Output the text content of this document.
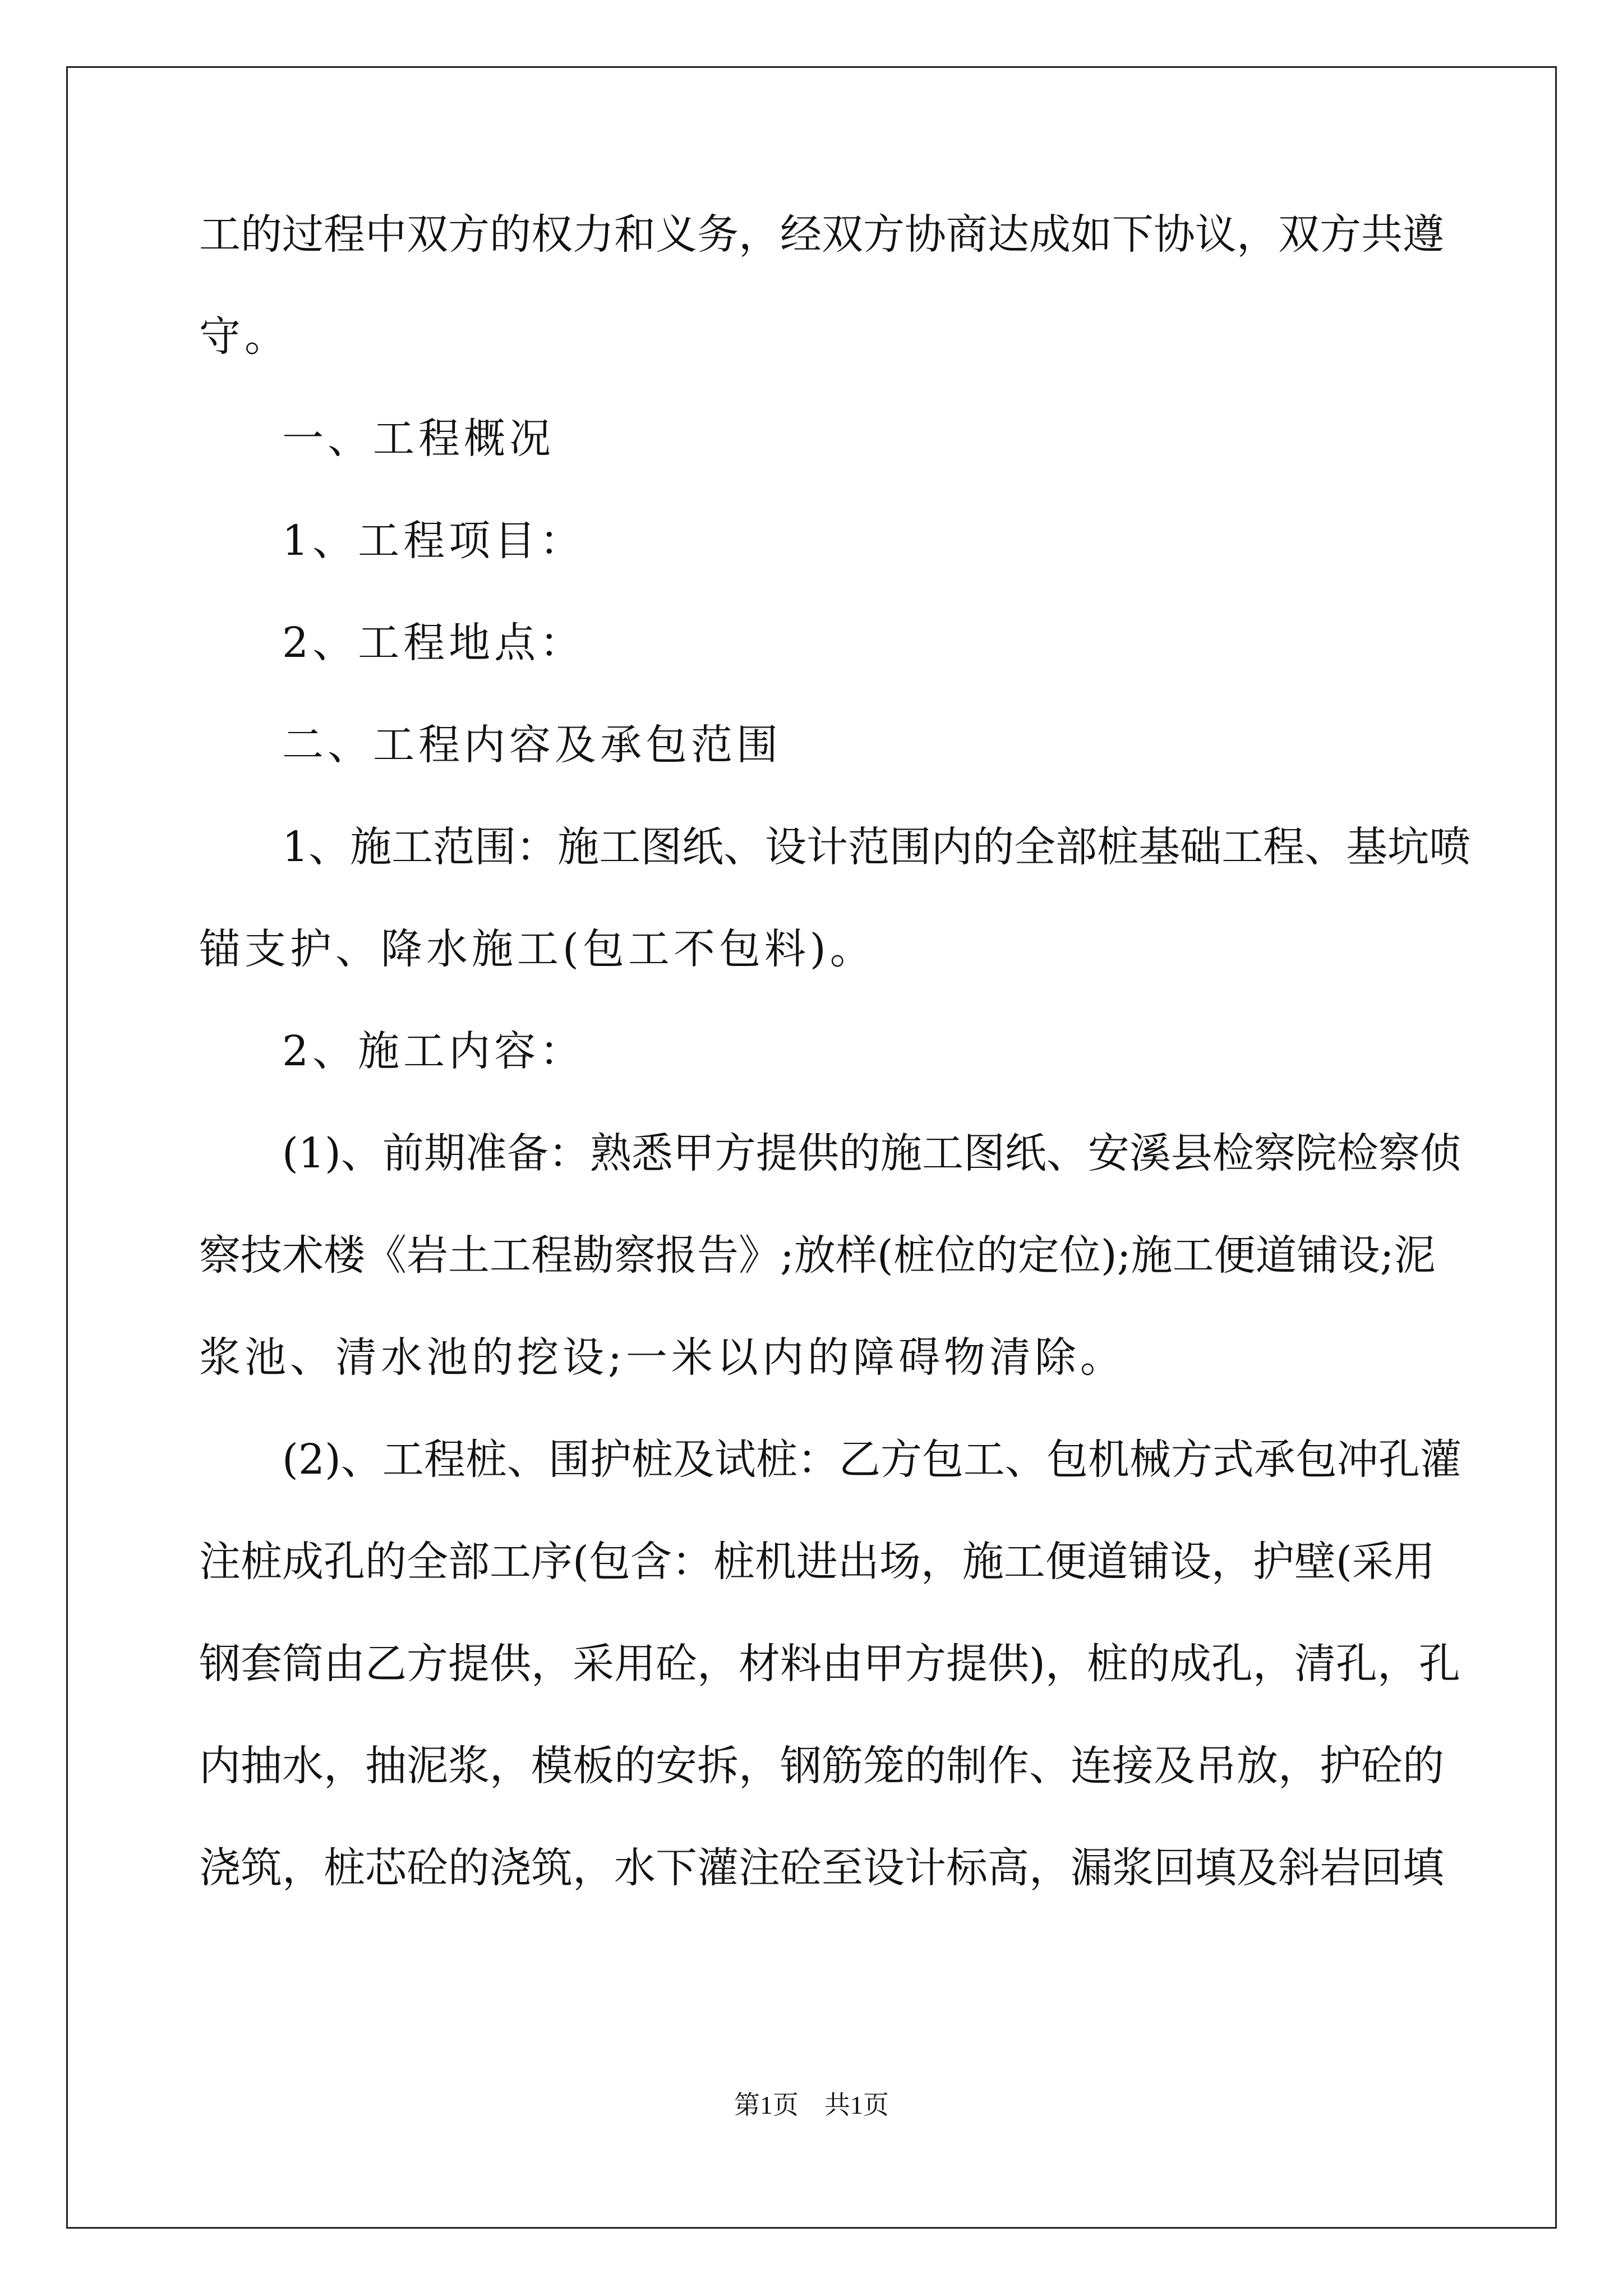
工的过程中双方的权力和义务，经双方协商达成如下协议，双方共遵
守。
一、工程概况
1、工程项目：
2、工程地点：
二、工程内容及承包范围
1、施工范围：施工图纸、设计范围内的全部桩基础工程、基坑喷
锚支护、降水施工(包工不包料)。
2、施工内容：
(1)、前期准备：熟悉甲方提供的施工图纸、安溪县检察院检察侦
察技术楼《岩土工程勘察报告》;放样(桩位的定位);施工便道铺设;泥
浆池、清水池的挖设;一米以内的障碍物清除。
(2)、工程桩、围护桩及试桩：乙方包工、包机械方式承包冲孔灌
注桩成孔的全部工序(包含：桩机进出场，施工便道铺设，护壁(采用
钢套筒由乙方提供，采用砼，材料由甲方提供)，桩的成孔，清孔，孔
内抽水，抽泥浆，模板的安拆，钢筋笼的制作、连接及吊放，护砼的
浇筑，桩芯砼的浇筑，水下灌注砼至设计标高，漏浆回填及斜岩回填
第1页　共1页
